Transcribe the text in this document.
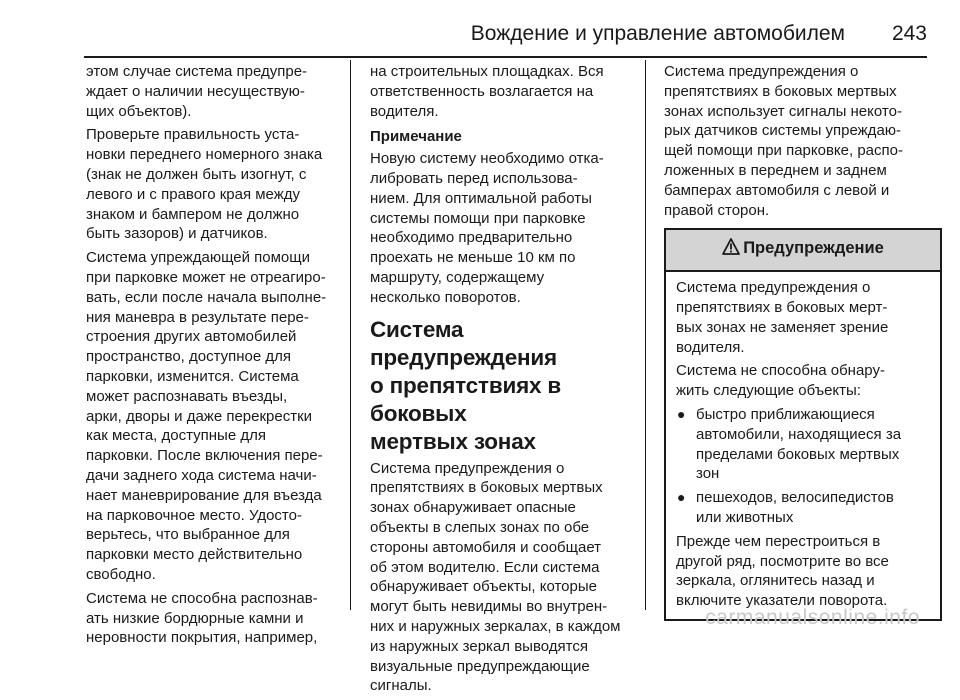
Вождение и управление автомобилем 243

этом случае система предупре-
ждает о наличии несуществую-
щих объектов).

Проверьте правильность уста-
новки переднего номерного знака
(знак не должен быть изогнут, с
левого и с правого края между
знаком и бампером не должно
быть зазоров) и датчиков.

Система упреждающей помощи
при парковке может не отреагиро-
вать, если после начала выполне-
ния маневра в результате пере-
строения других автомобилей
пространство, доступное для
парковки, изменится. Система
может распознавать въезды,
арки, дворы и даже перекрестки
как места, доступные для
парковки. После включения пере-
дачи заднего хода система начи-
нает маневрирование для въезда
на парковочное место. Удосто-
верьтесь, что выбранное для
парковки место действительно
свободно.

Система не способна распознав-
ать низкие бордюрные камни и
неровности покрытия, например,

на строительных площадках. Вся
ответственность возлагается на
водителя.

Примечание

Новую систему необходимо отка-
либровать перед использова-
нием. Для оптимальной работы
системы помощи при парковке
необходимо предварительно
проехать не меньше 10 км по
маршруту, содержащему
несколько поворотов.

Система предупреждения
о препятствиях в боковых
мертвых зонах

Система предупреждения о
препятствиях в боковых мертвых
зонах обнаруживает опасные
объекты в слепых зонах по обе
стороны автомобиля и сообщает
об этом водителю. Если система
обнаруживает объекты, которые
могут быть невидимы во внутрен-
них и наружных зеркалах, в каждом
из наружных зеркал выводятся
визуальные предупреждающие
сигналы.

Система предупреждения о
препятствиях в боковых мертвых
зонах использует сигналы некото-
рых датчиков системы упреждаю-
щей помощи при парковке, распо-
ложенных в переднем и заднем
бамперах автомобиля с левой и
правой сторон.

Предупреждение

Система предупреждения о
препятствиях в боковых мерт-
вых зонах не заменяет зрение
водителя.

Система не способна обнару-
жить следующие объекты:

● быстро приближающиеся
автомобили, находящиеся за
пределами боковых мертвых
зон
● пешеходов, велосипедистов
или животных

Прежде чем перестроиться в
другой ряд, посмотрите во все
зеркала, оглянитесь назад и
включите указатели поворота.

carmanualsonline.info
